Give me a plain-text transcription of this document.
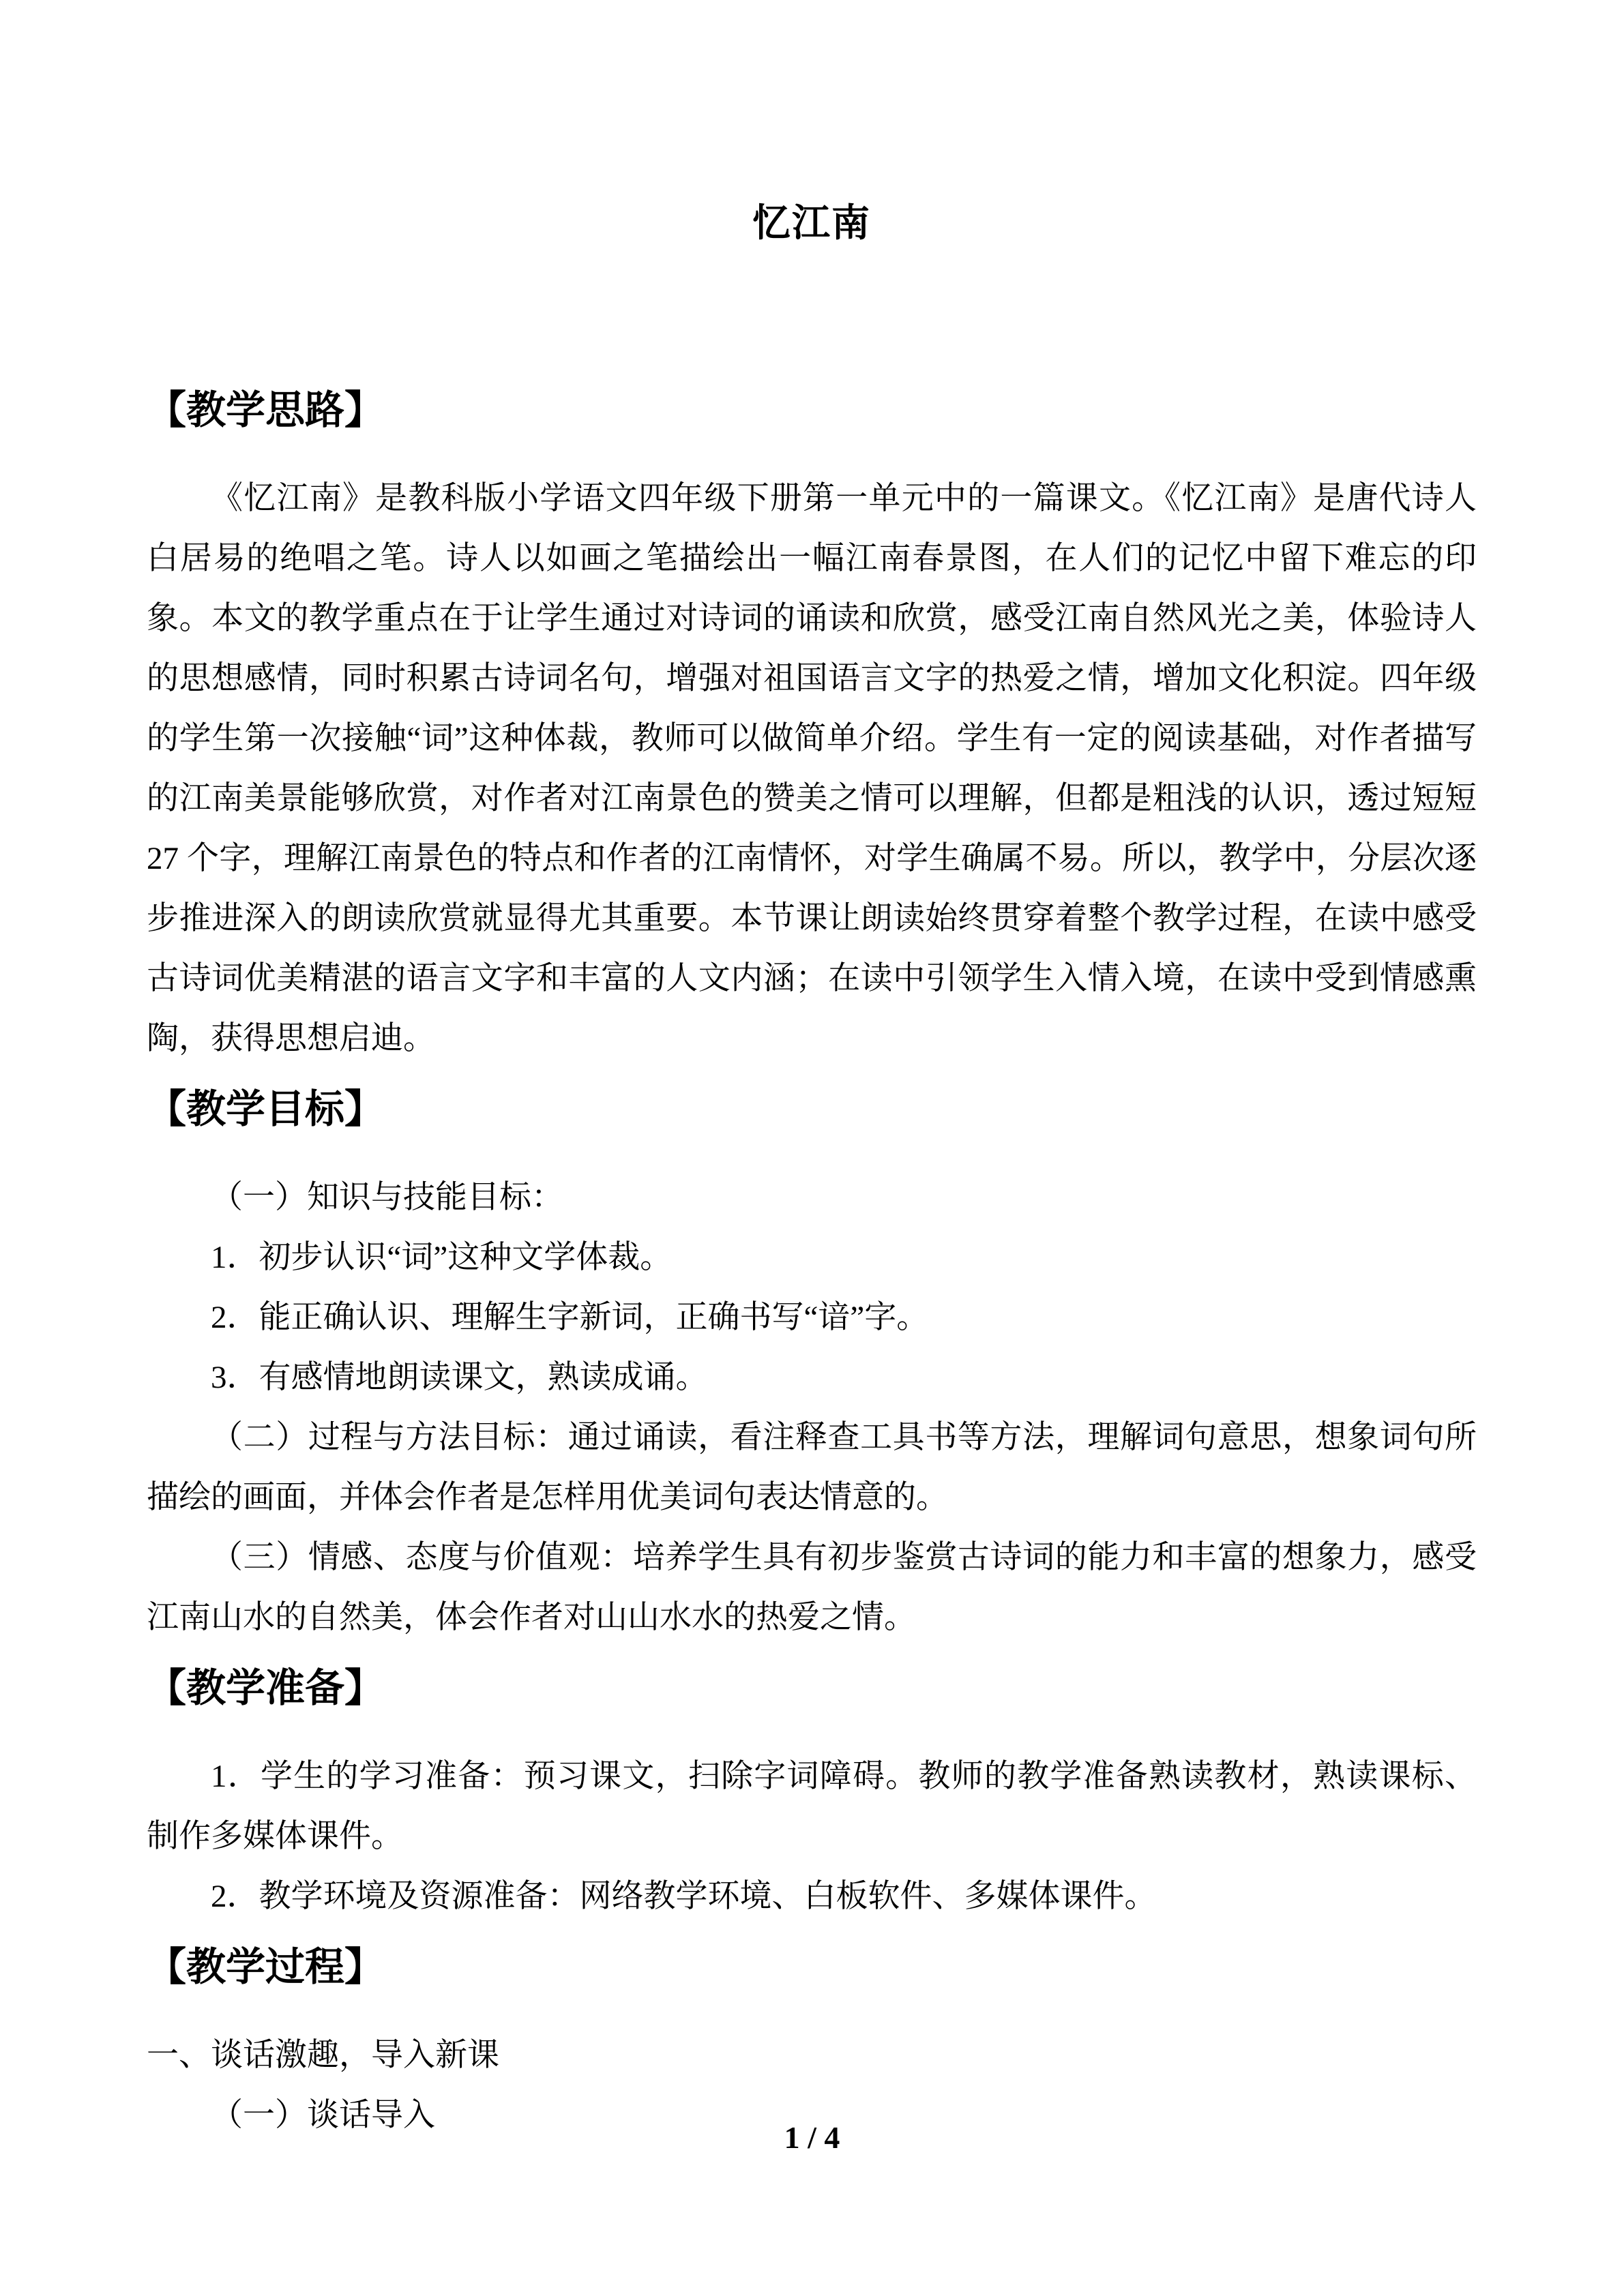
忆江南
【教学思路】

《忆江南》是教科版小学语文四年级下册第一单元中的一篇课文。《忆江南》是唐代诗人白居易的绝唱之笔。诗人以如画之笔描绘出一幅江南春景图，在人们的记忆中留下难忘的印象。本文的教学重点在于让学生通过对诗词的诵读和欣赏，感受江南自然风光之美，体验诗人的思想感情，同时积累古诗词名句，增强对祖国语言文字的热爱之情，增加文化积淀。四年级的学生第一次接触“词”这种体裁，教师可以做简单介绍。学生有一定的阅读基础，对作者描写的江南美景能够欣赏，对作者对江南景色的赞美之情可以理解，但都是粗浅的认识，透过短短 27 个字，理解江南景色的特点和作者的江南情怀，对学生确属不易。所以，教学中，分层次逐步推进深入的朗读欣赏就显得尤其重要。本节课让朗读始终贯穿着整个教学过程，在读中感受古诗词优美精湛的语言文字和丰富的人文内涵；在读中引领学生入情入境，在读中受到情感熏陶，获得思想启迪。

【教学目标】

（一）知识与技能目标：

1．初步认识“词”这种文学体裁。

2．能正确认识、理解生字新词，正确书写“谙”字。

3．有感情地朗读课文，熟读成诵。

（二）过程与方法目标：通过诵读，看注释查工具书等方法，理解词句意思，想象词句所描绘的画面，并体会作者是怎样用优美词句表达情意的。

（三）情感、态度与价值观：培养学生具有初步鉴赏古诗词的能力和丰富的想象力，感受江南山水的自然美，体会作者对山山水水的热爱之情。

【教学准备】

1．学生的学习准备：预习课文，扫除字词障碍。教师的教学准备熟读教材，熟读课标、制作多媒体课件。

2．教学环境及资源准备：网络教学环境、白板软件、多媒体课件。

【教学过程】

一、谈话激趣，导入新课

（一）谈话导入

1 / 4
